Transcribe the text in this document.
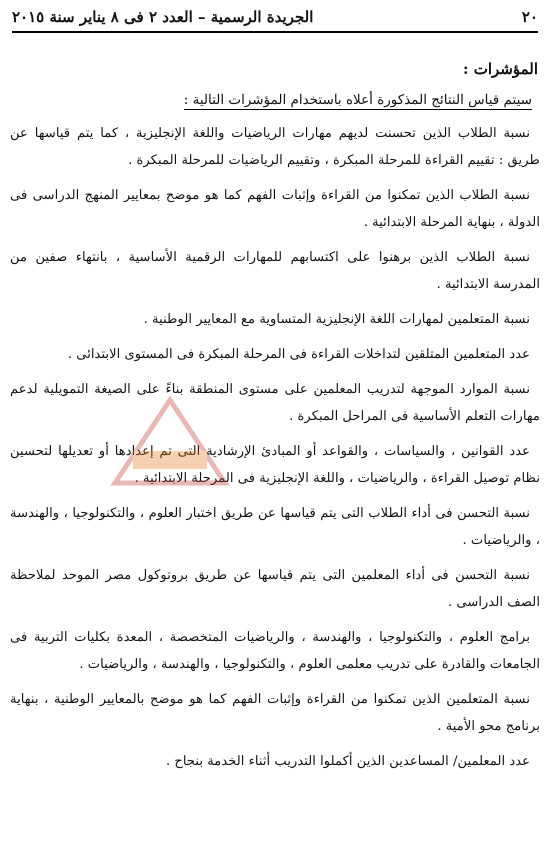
٢٠
الجريدة الرسمية – العدد ٢ فى ٨ يناير سنة ٢٠١٥
المؤشرات :
سيتم قياس النتائج المذكورة أعلاه باستخدام المؤشرات التالية :

نسبة الطلاب الذين تحسنت لديهم مهارات الرياضيات واللغة الإنجليزية ، كما يتم قياسها عن طريق : تقييم القراءة للمرحلة المبكرة ، وتقييم الرياضيات للمرحلة المبكرة .

نسبة الطلاب الذين تمكنوا من القراءة وإثبات الفهم كما هو موضح بمعايير المنهج الدراسى فى الدولة ، بنهاية المرحلة الابتدائية .

نسبة الطلاب الذين برهنوا على اكتسابهم للمهارات الرقمية الأساسية ، بانتهاء صفين من المدرسة الابتدائية .

نسبة المتعلمين لمهارات اللغة الإنجليزية المتساوية مع المعايير الوطنية .

عدد المتعلمين المتلقين لتداخلات القراءة فى المرحلة المبكرة فى المستوى الابتدائى .

نسبة الموارد الموجهة لتدريب المعلمين على مستوى المنطقة بناءً على الصيغة التمويلية لدعم مهارات التعلم الأساسية فى المراحل المبكرة .

عدد القوانين ، والسياسات ، والقواعد أو المبادئ الإرشادية التى تم إعدادها أو تعديلها لتحسين نظام توصيل القراءة ، والرياضيات ، واللغة الإنجليزية فى المرحلة الابتدائية .

نسبة التحسن فى أداء الطلاب التى يتم قياسها عن طريق اختبار العلوم ، والتكنولوجيا ، والهندسة ، والرياضيات .

نسبة التحسن فى أداء المعلمين التى يتم قياسها عن طريق بروتوكول مصر الموحد لملاحظة الصف الدراسى .

برامج العلوم ، والتكنولوجيا ، والهندسة ، والرياضيات المتخصصة ، المعدة بكليات التربية فى الجامعات والقادرة على تدريب معلمى العلوم ، والتكنولوجيا ، والهندسة ، والرياضيات .

نسبة المتعلمين الذين تمكنوا من القراءة وإثبات الفهم كما هو موضح بالمعايير الوطنية ، بنهاية برنامج محو الأمية .

عدد المعلمين/ المساعدين الذين أكملوا التدريب أثناء الخدمة بنجاح .
